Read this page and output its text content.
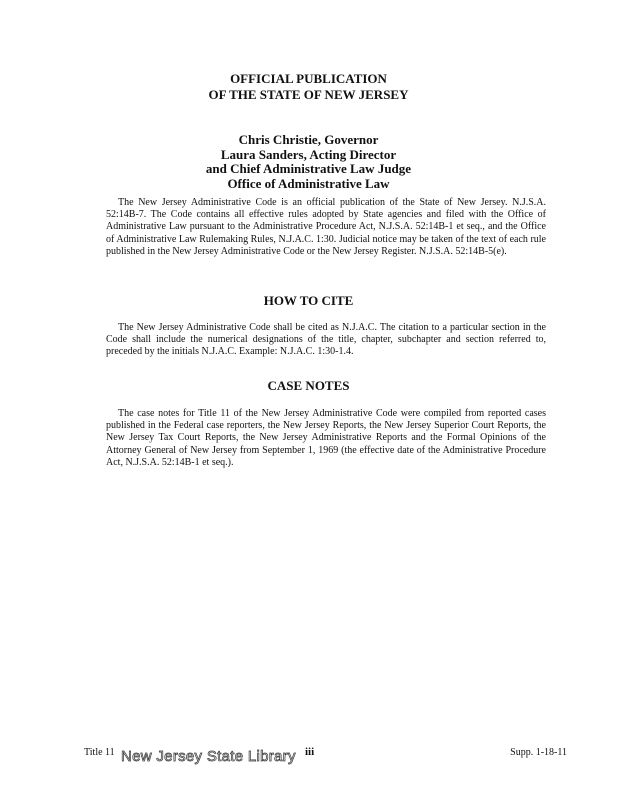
OFFICIAL PUBLICATION
OF THE STATE OF NEW JERSEY
Chris Christie, Governor
Laura Sanders, Acting Director
and Chief Administrative Law Judge
Office of Administrative Law

The New Jersey Administrative Code is an official publication of the State of New Jersey. N.J.S.A. 52:14B-7. The Code contains all effective rules adopted by State agencies and filed with the Office of Administrative Law pursuant to the Administrative Procedure Act, N.J.S.A. 52:14B-1 et seq., and the Office of Administrative Law Rulemaking Rules, N.J.A.C. 1:30. Judicial notice may be taken of the text of each rule published in the New Jersey Administrative Code or the New Jersey Register. N.J.S.A. 52:14B-5(e).

HOW TO CITE

The New Jersey Administrative Code shall be cited as N.J.A.C. The citation to a particular section in the Code shall include the numerical designations of the title, chapter, subchapter and section referred to, preceded by the initials N.J.A.C. Example: N.J.A.C. 1:30-1.4.

CASE NOTES

The case notes for Title 11 of the New Jersey Administrative Code were compiled from reported cases published in the Federal case reporters, the New Jersey Reports, the New Jersey Superior Court Reports, the New Jersey Tax Court Reports, the New Jersey Administrative Reports and the Formal Opinions of the Attorney General of New Jersey from September 1, 1969 (the effective date of the Administrative Procedure Act, N.J.S.A. 52:14B-1 et seq.).

Title 11 New Jersey State Library iii	Supp. 1-18-11
